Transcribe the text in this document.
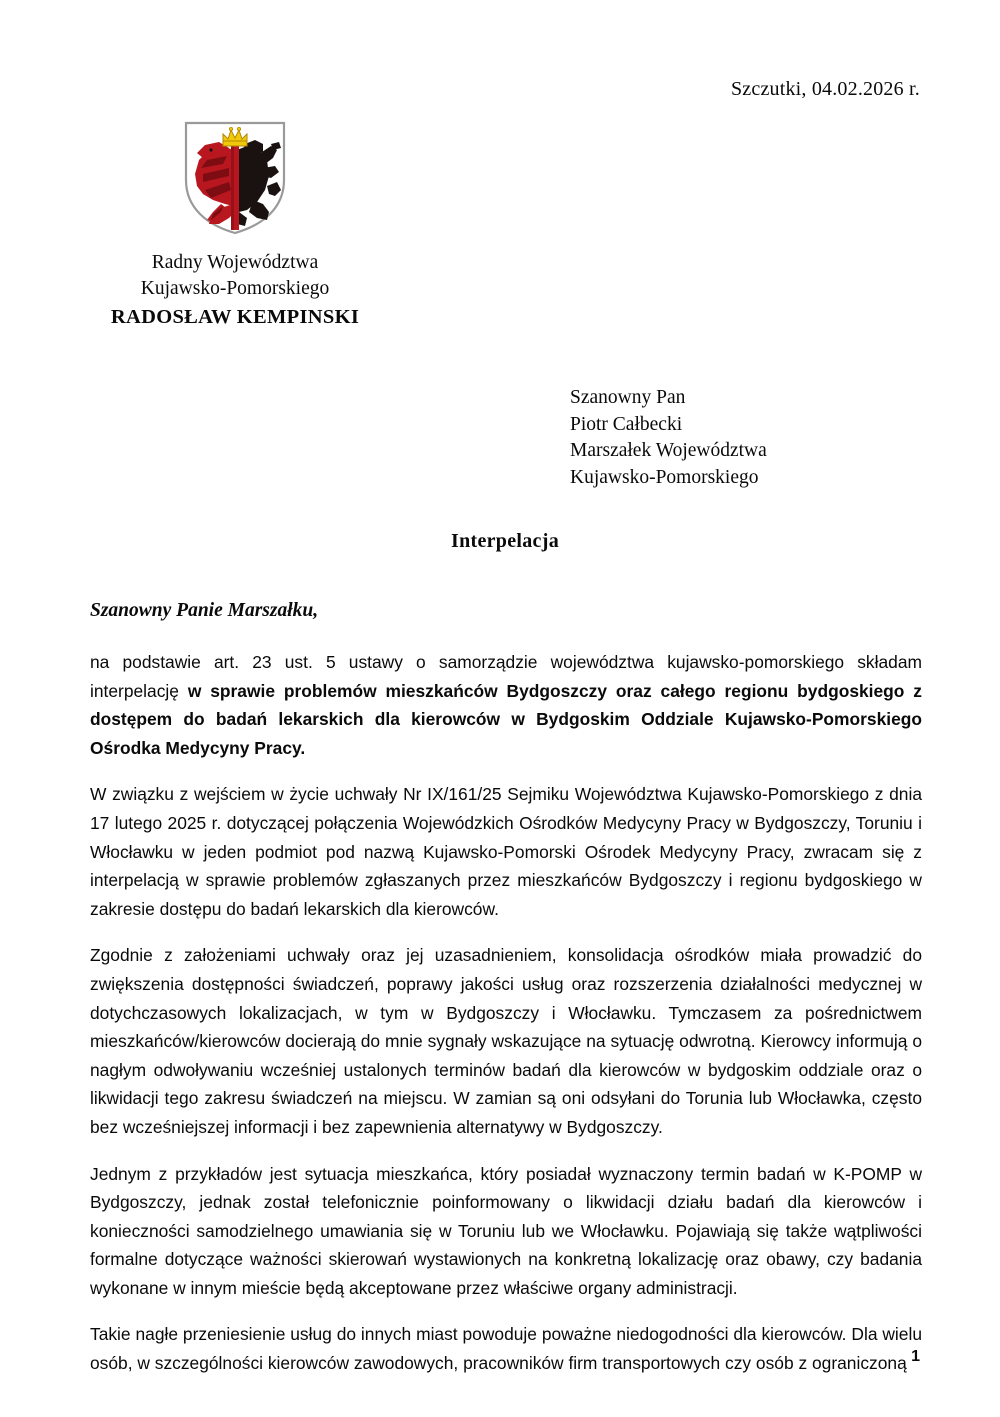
Szczutki, 04.02.2026 r.
Radny Województwa
Kujawsko-Pomorskiego
RADOSŁAW KEMPINSKI
Szanowny Pan
Piotr Całbecki
Marszałek Województwa
Kujawsko-Pomorskiego
Interpelacja
Szanowny Panie Marszałku,

na podstawie art. 23 ust. 5 ustawy o samorządzie województwa kujawsko-pomorskiego składam interpelację w sprawie problemów mieszkańców Bydgoszczy oraz całego regionu bydgoskiego z dostępem do badań lekarskich dla kierowców w Bydgoskim Oddziale Kujawsko-Pomorskiego Ośrodka Medycyny Pracy.

W związku z wejściem w życie uchwały Nr IX/161/25 Sejmiku Województwa Kujawsko-Pomorskiego z dnia 17 lutego 2025 r. dotyczącej połączenia Wojewódzkich Ośrodków Medycyny Pracy w Bydgoszczy, Toruniu i Włocławku w jeden podmiot pod nazwą Kujawsko-Pomorski Ośrodek Medycyny Pracy, zwracam się z interpelacją w sprawie problemów zgłaszanych przez mieszkańców Bydgoszczy i regionu bydgoskiego w zakresie dostępu do badań lekarskich dla kierowców.

Zgodnie z założeniami uchwały oraz jej uzasadnieniem, konsolidacja ośrodków miała prowadzić do zwiększenia dostępności świadczeń, poprawy jakości usług oraz rozszerzenia działalności medycznej w dotychczasowych lokalizacjach, w tym w Bydgoszczy i Włocławku. Tymczasem za pośrednictwem mieszkańców/kierowców docierają do mnie sygnały wskazujące na sytuację odwrotną. Kierowcy informują o nagłym odwoływaniu wcześniej ustalonych terminów badań dla kierowców w bydgoskim oddziale oraz o likwidacji tego zakresu świadczeń na miejscu. W zamian są oni odsyłani do Torunia lub Włocławka, często bez wcześniejszej informacji i bez zapewnienia alternatywy w Bydgoszczy.

Jednym z przykładów jest sytuacja mieszkańca, który posiadał wyznaczony termin badań w K-POMP w Bydgoszczy, jednak został telefonicznie poinformowany o likwidacji działu badań dla kierowców i konieczności samodzielnego umawiania się w Toruniu lub we Włocławku. Pojawiają się także wątpliwości formalne dotyczące ważności skierowań wystawionych na konkretną lokalizację oraz obawy, czy badania wykonane w innym mieście będą akceptowane przez właściwe organy administracji.

Takie nagłe przeniesienie usług do innych miast powoduje poważne niedogodności dla kierowców. Dla wielu osób, w szczególności kierowców zawodowych, pracowników firm transportowych czy osób z ograniczoną 1
